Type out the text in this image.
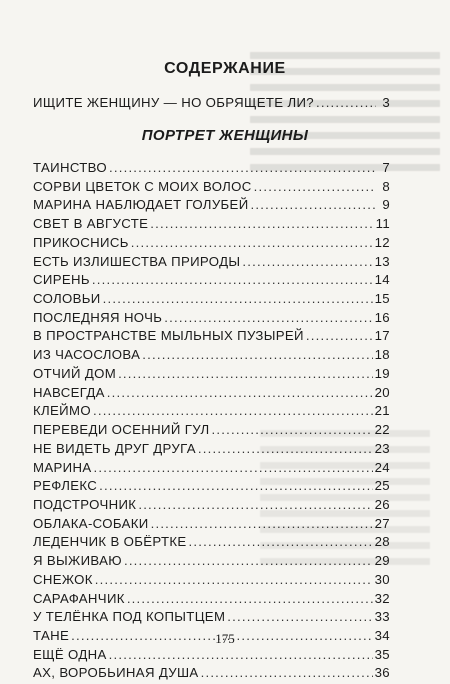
СОДЕРЖАНИЕ
ИЩИТЕ ЖЕНЩИНУ — НО ОБРЯЩЕТЕ ЛИ? .....	3
ПОРТРЕТ ЖЕНЩИНЫ
ТАИНСТВО .....	7
СОРВИ ЦВЕТОК С МОИХ ВОЛОС .....	8
МАРИНА НАБЛЮДАЕТ ГОЛУБЕЙ .....	9
СВЕТ В АВГУСТЕ .....	11
ПРИКОСНИСЬ .....	12
ЕСТЬ ИЗЛИШЕСТВА ПРИРОДЫ .....	13
СИРЕНЬ .....	14
СОЛОВЬИ .....	15
ПОСЛЕДНЯЯ НОЧЬ .....	16
В ПРОСТРАНСТВЕ МЫЛЬНЫХ ПУЗЫРЕЙ .....	17
ИЗ ЧАСОСЛОВА .....	18
ОТЧИЙ ДОМ .....	19
НАВСЕГДА .....	20
КЛЕЙМО .....	21
ПЕРЕВЕДИ ОСЕННИЙ ГУЛ .....	22
НЕ ВИДЕТЬ ДРУГ ДРУГА .....	23
МАРИНА .....	24
РЕФЛЕКС .....	25
ПОДСТРОЧНИК .....	26
ОБЛАКА-СОБАКИ .....	27
ЛЕДЕНЧИК В ОБЁРТКЕ .....	28
Я ВЫЖИВАЮ .....	29
СНЕЖОК .....	30
САРАФАНЧИК .....	32
У ТЕЛЁНКА ПОД КОПЫТЦЕМ .....	33
ТАНЕ .....	34
ЕЩЁ ОДНА .....	35
АХ, ВОРОБЬИНАЯ ДУША .....	36
175
